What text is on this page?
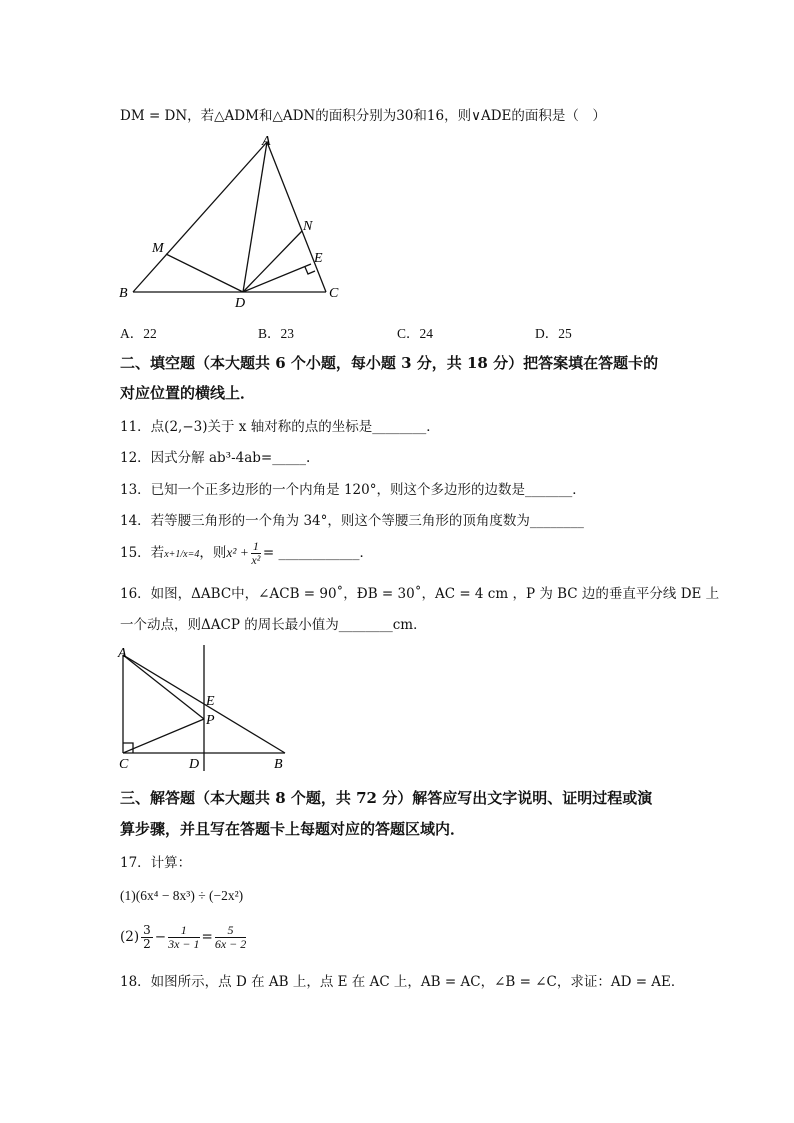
DM = DN，若△ADM和△ADN的面积分别为30和16，则∨ADE的面积是（　）
A
B	C
D
E
M
N
A．22	B．23	C．24	D．25
二、填空题（本大题共 6 个小题，每小题 3 分，共 18 分）把答案填在答题卡的
对应位置的横线上．
11．点(2,−3)关于 x 轴对称的点的坐标是________．
12．因式分解 ab³-4ab=_____.
13．已知一个正多边形的一个内角是 120°，则这个多边形的边数是_______．
14．若等腰三角形的一个角为 34°，则这个等腰三角形的顶角度数为________
15．若x+1/x=4，则$x^2 + \frac{1}{\text{x²}}$ = ____________．
16．如图，ΔABC中，∠ACB = 90˚，ÐB = 30˚，AC = 4 cm ，P 为 BC 边的垂直平分线 DE 上
一个动点，则ΔACP 的周长最小值为________cm．
A
E
P
C	D	B
三、解答题（本大题共 8 个题，共 72 分）解答应写出文字说明、证明过程或演
算步骤，并且写在答题卡上每题对应的答题区域内．
17．计算：
(1)(6x⁴ − 8x³) ÷ (−2x²)
$(2) \frac{3}{2} - \frac{1}{3x - 1} = \frac{5}{6x - 2}$
18．如图所示，点 D 在 AB 上，点 E 在 AC 上，AB = AC，∠B = ∠C，求证：AD = AE．
